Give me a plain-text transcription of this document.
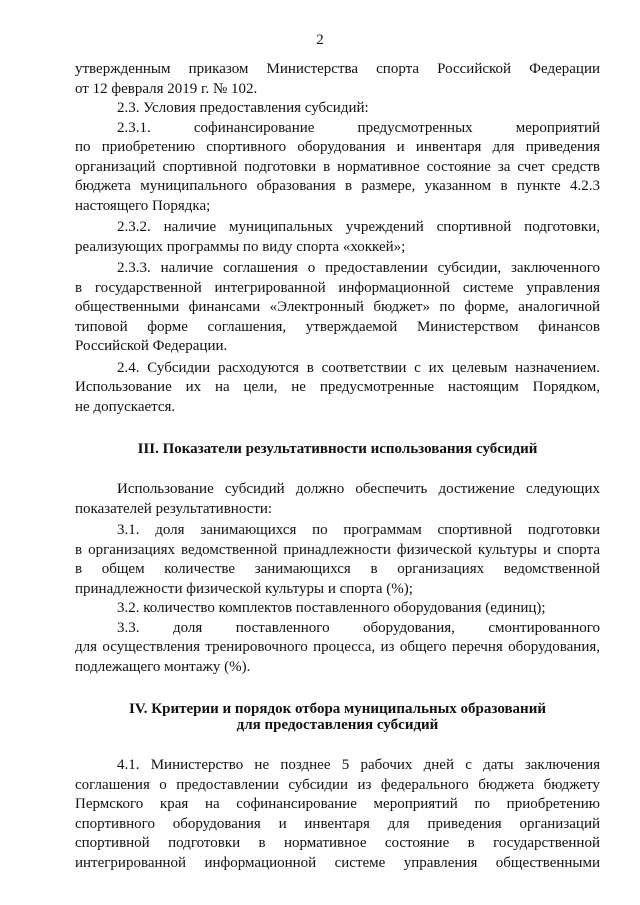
2

утвержденным приказом Министерства спорта Российской Федерации
от 12 февраля 2019 г. № 102.

2.3. Условия предоставления субсидий:

2.3.1. софинансирование предусмотренных мероприятий
по приобретению спортивного оборудования и инвентаря для приведения
организаций спортивной подготовки в нормативное состояние за счет средств
бюджета муниципального образования в размере, указанном в пункте 4.2.3
настоящего Порядка;

2.3.2. наличие муниципальных учреждений спортивной подготовки,
реализующих программы по виду спорта «хоккей»;

2.3.3. наличие соглашения о предоставлении субсидии, заключенного
в государственной интегрированной информационной системе управления
общественными финансами «Электронный бюджет» по форме, аналогичной
типовой форме соглашения, утверждаемой Министерством финансов
Российской Федерации.

2.4. Субсидии расходуются в соответствии с их целевым назначением.
Использование их на цели, не предусмотренные настоящим Порядком,
не допускается.

III. Показатели результативности использования субсидий

Использование субсидий должно обеспечить достижение следующих
показателей результативности:

3.1. доля занимающихся по программам спортивной подготовки
в организациях ведомственной принадлежности физической культуры и спорта
в общем количестве занимающихся в организациях ведомственной
принадлежности физической культуры и спорта (%);

3.2. количество комплектов поставленного оборудования (единиц);

3.3. доля поставленного оборудования, смонтированного
для осуществления тренировочного процесса, из общего перечня оборудования,
подлежащего монтажу (%).

IV. Критерии и порядок отбора муниципальных образований
для предоставления субсидий

4.1. Министерство не позднее 5 рабочих дней с даты заключения
соглашения о предоставлении субсидии из федерального бюджета бюджету
Пермского края на софинансирование мероприятий по приобретению
спортивного оборудования и инвентаря для приведения организаций
спортивной подготовки в нормативное состояние в государственной
интегрированной информационной системе управления общественными
